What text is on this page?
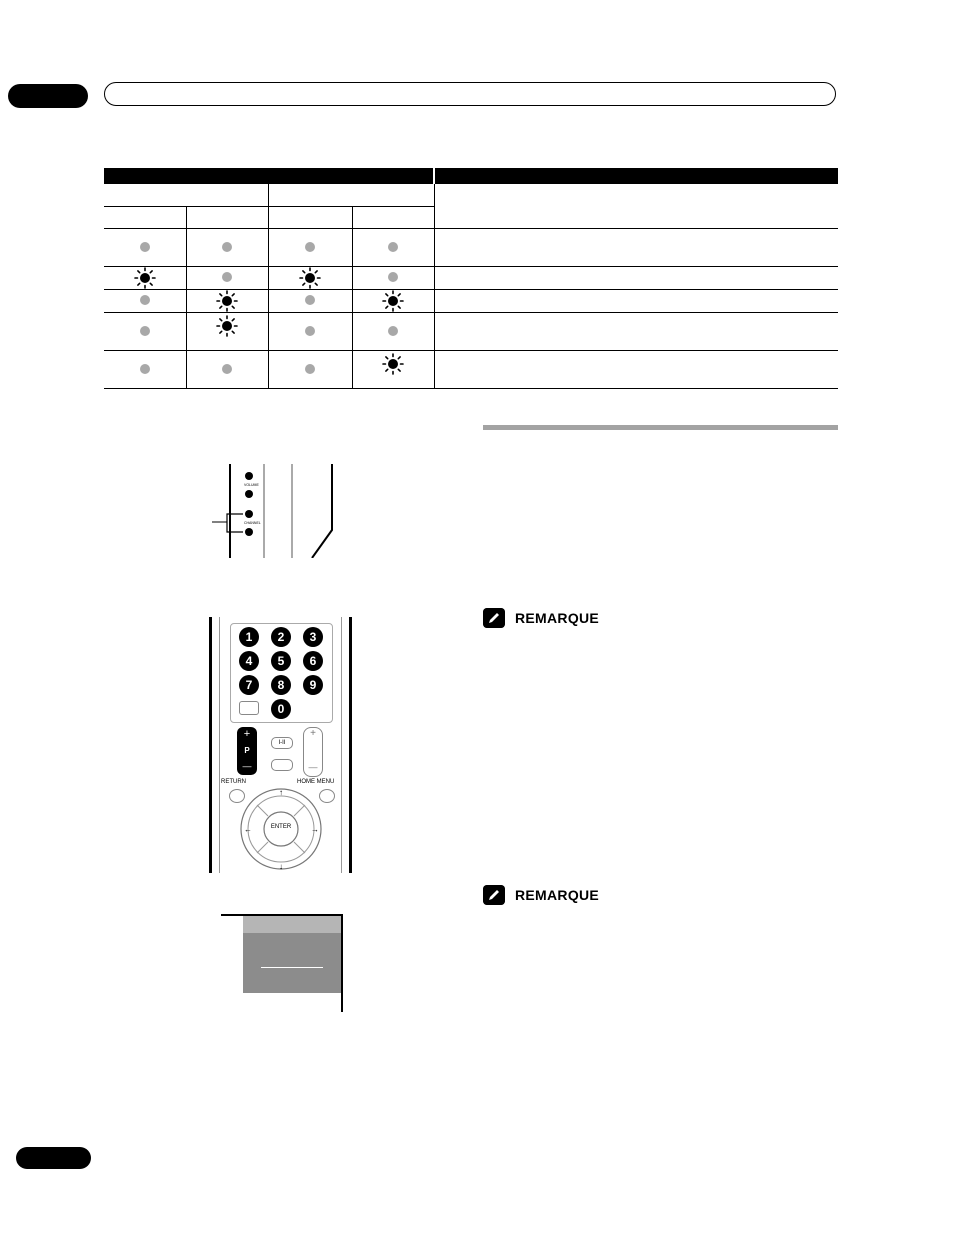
VOLUME
CHANNEL
1	2	3
4	5	6
7	8	9
0
+
P
—
I-II
+
—
RETURN	HOME MENU
↑
↓
←	→
ENTER
REMARQUE
REMARQUE
